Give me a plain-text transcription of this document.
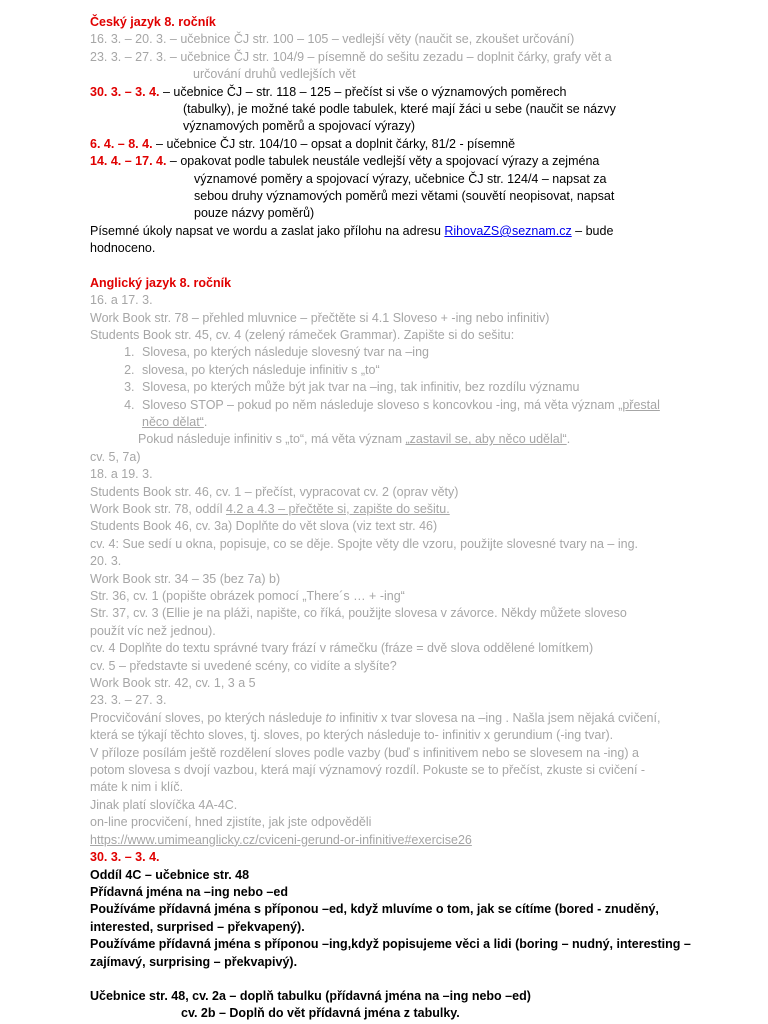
Český jazyk 8. ročník
16. 3. – 20. 3. – učebnice ČJ str. 100 – 105 – vedlejší věty (naučit se, zkoušet určování)
23. 3. – 27. 3. – učebnice ČJ str. 104/9 – písemně do sešitu zezadu – doplnit čárky, grafy vět a
určování druhů vedlejších vět
30. 3. – 3. 4. – učebnice ČJ – str. 118 – 125 – přečíst si vše o významových poměrech
(tabulky), je možné také podle tabulek, které mají žáci u sebe (naučit se názvy
významových poměrů a spojovací výrazy)
6. 4. – 8. 4. – učebnice ČJ str. 104/10 – opsat a doplnit čárky, 81/2 - písemně
14. 4. – 17. 4. – opakovat podle tabulek neustále vedlejší věty a spojovací výrazy a zejména
významové poměry a spojovací výrazy, učebnice ČJ str. 124/4 – napsat za
sebou druhy významových poměrů mezi větami (souvětí neopisovat, napsat
pouze názvy poměrů)
Písemné úkoly napsat ve wordu a zaslat jako přílohu na adresu RihovaZS@seznam.cz – bude
hodnoceno.
Anglický jazyk 8. ročník
16. a 17. 3.
Work Book str. 78 – přehled mluvnice – přečtěte si 4.1 Sloveso + -ing nebo infinitiv)
Students Book str. 45, cv. 4 (zelený rámeček Grammar). Zapište si do sešitu:
1. Slovesa, po kterých následuje slovesný tvar na –ing
2. slovesa, po kterých následuje infinitiv s „to“
3. Slovesa, po kterých může být jak tvar na –ing, tak infinitiv, bez rozdílu významu
4. Sloveso STOP – pokud po něm následuje sloveso s koncovkou -ing, má věta význam „přestal
něco dělat“.
Pokud následuje infinitiv s „to“, má věta význam „zastavil se, aby něco udělal“.
cv. 5, 7a)
18. a 19. 3.
Students Book str. 46, cv. 1 – přečíst, vypracovat cv. 2 (oprav věty)
Work Book str. 78, oddíl 4.2 a 4.3 – přečtěte si, zapište do sešitu.
Students Book 46, cv. 3a) Doplňte do vět slova (viz text str. 46)
cv. 4: Sue sedí u okna, popisuje, co se děje. Spojte věty dle vzoru, použijte slovesné tvary na – ing.
20. 3.
Work Book str. 34 – 35 (bez 7a) b)
Str. 36, cv. 1 (popište obrázek pomocí „There´s … + -ing“
Str. 37, cv. 3 (Ellie je na pláži, napište, co říká, použijte slovesa v závorce. Někdy můžete sloveso
použít víc než jednou).
cv. 4 Doplňte do textu správné tvary frází v rámečku (fráze = dvě slova oddělené lomítkem)
cv. 5 – představte si uvedené scény, co vidíte a slyšíte?
Work Book str. 42, cv. 1, 3 a 5
23. 3. – 27. 3.
Procvičování sloves, po kterých následuje to infinitiv x tvar slovesa na –ing . Našla jsem nějaká cvičení,
která se týkají těchto sloves, tj. sloves, po kterých následuje to- infinitiv x gerundium (-ing tvar).
V příloze posílám ještě rozdělení sloves podle vazby (buď s infinitivem nebo se slovesem na -ing) a
potom slovesa s dvojí vazbou, která mají významový rozdíl. Pokuste se to přečíst, zkuste si cvičení -
máte k nim i klíč.
Jinak platí slovíčka 4A-4C.
on-line procvičení, hned zjistíte, jak jste odpověděli
https://www.umimeanglicky.cz/cviceni-gerund-or-infinitive#exercise26
30. 3. – 3. 4.
Oddíl 4C – učebnice str. 48
Přídavná jména na –ing nebo –ed
Používáme přídavná jména s příponou –ed, když mluvíme o tom, jak se cítíme (bored - znuděný,
interested, surprised – překvapený).
Používáme přídavná jména s příponou –ing,když popisujeme věci a lidi (boring – nudný, interesting –
zajímavý, surprising – překvapivý).
Učebnice str. 48, cv. 2a – doplň tabulku (přídavná jména na –ing nebo –ed)
cv. 2b – Doplň do vět přídavná jména z tabulky.
